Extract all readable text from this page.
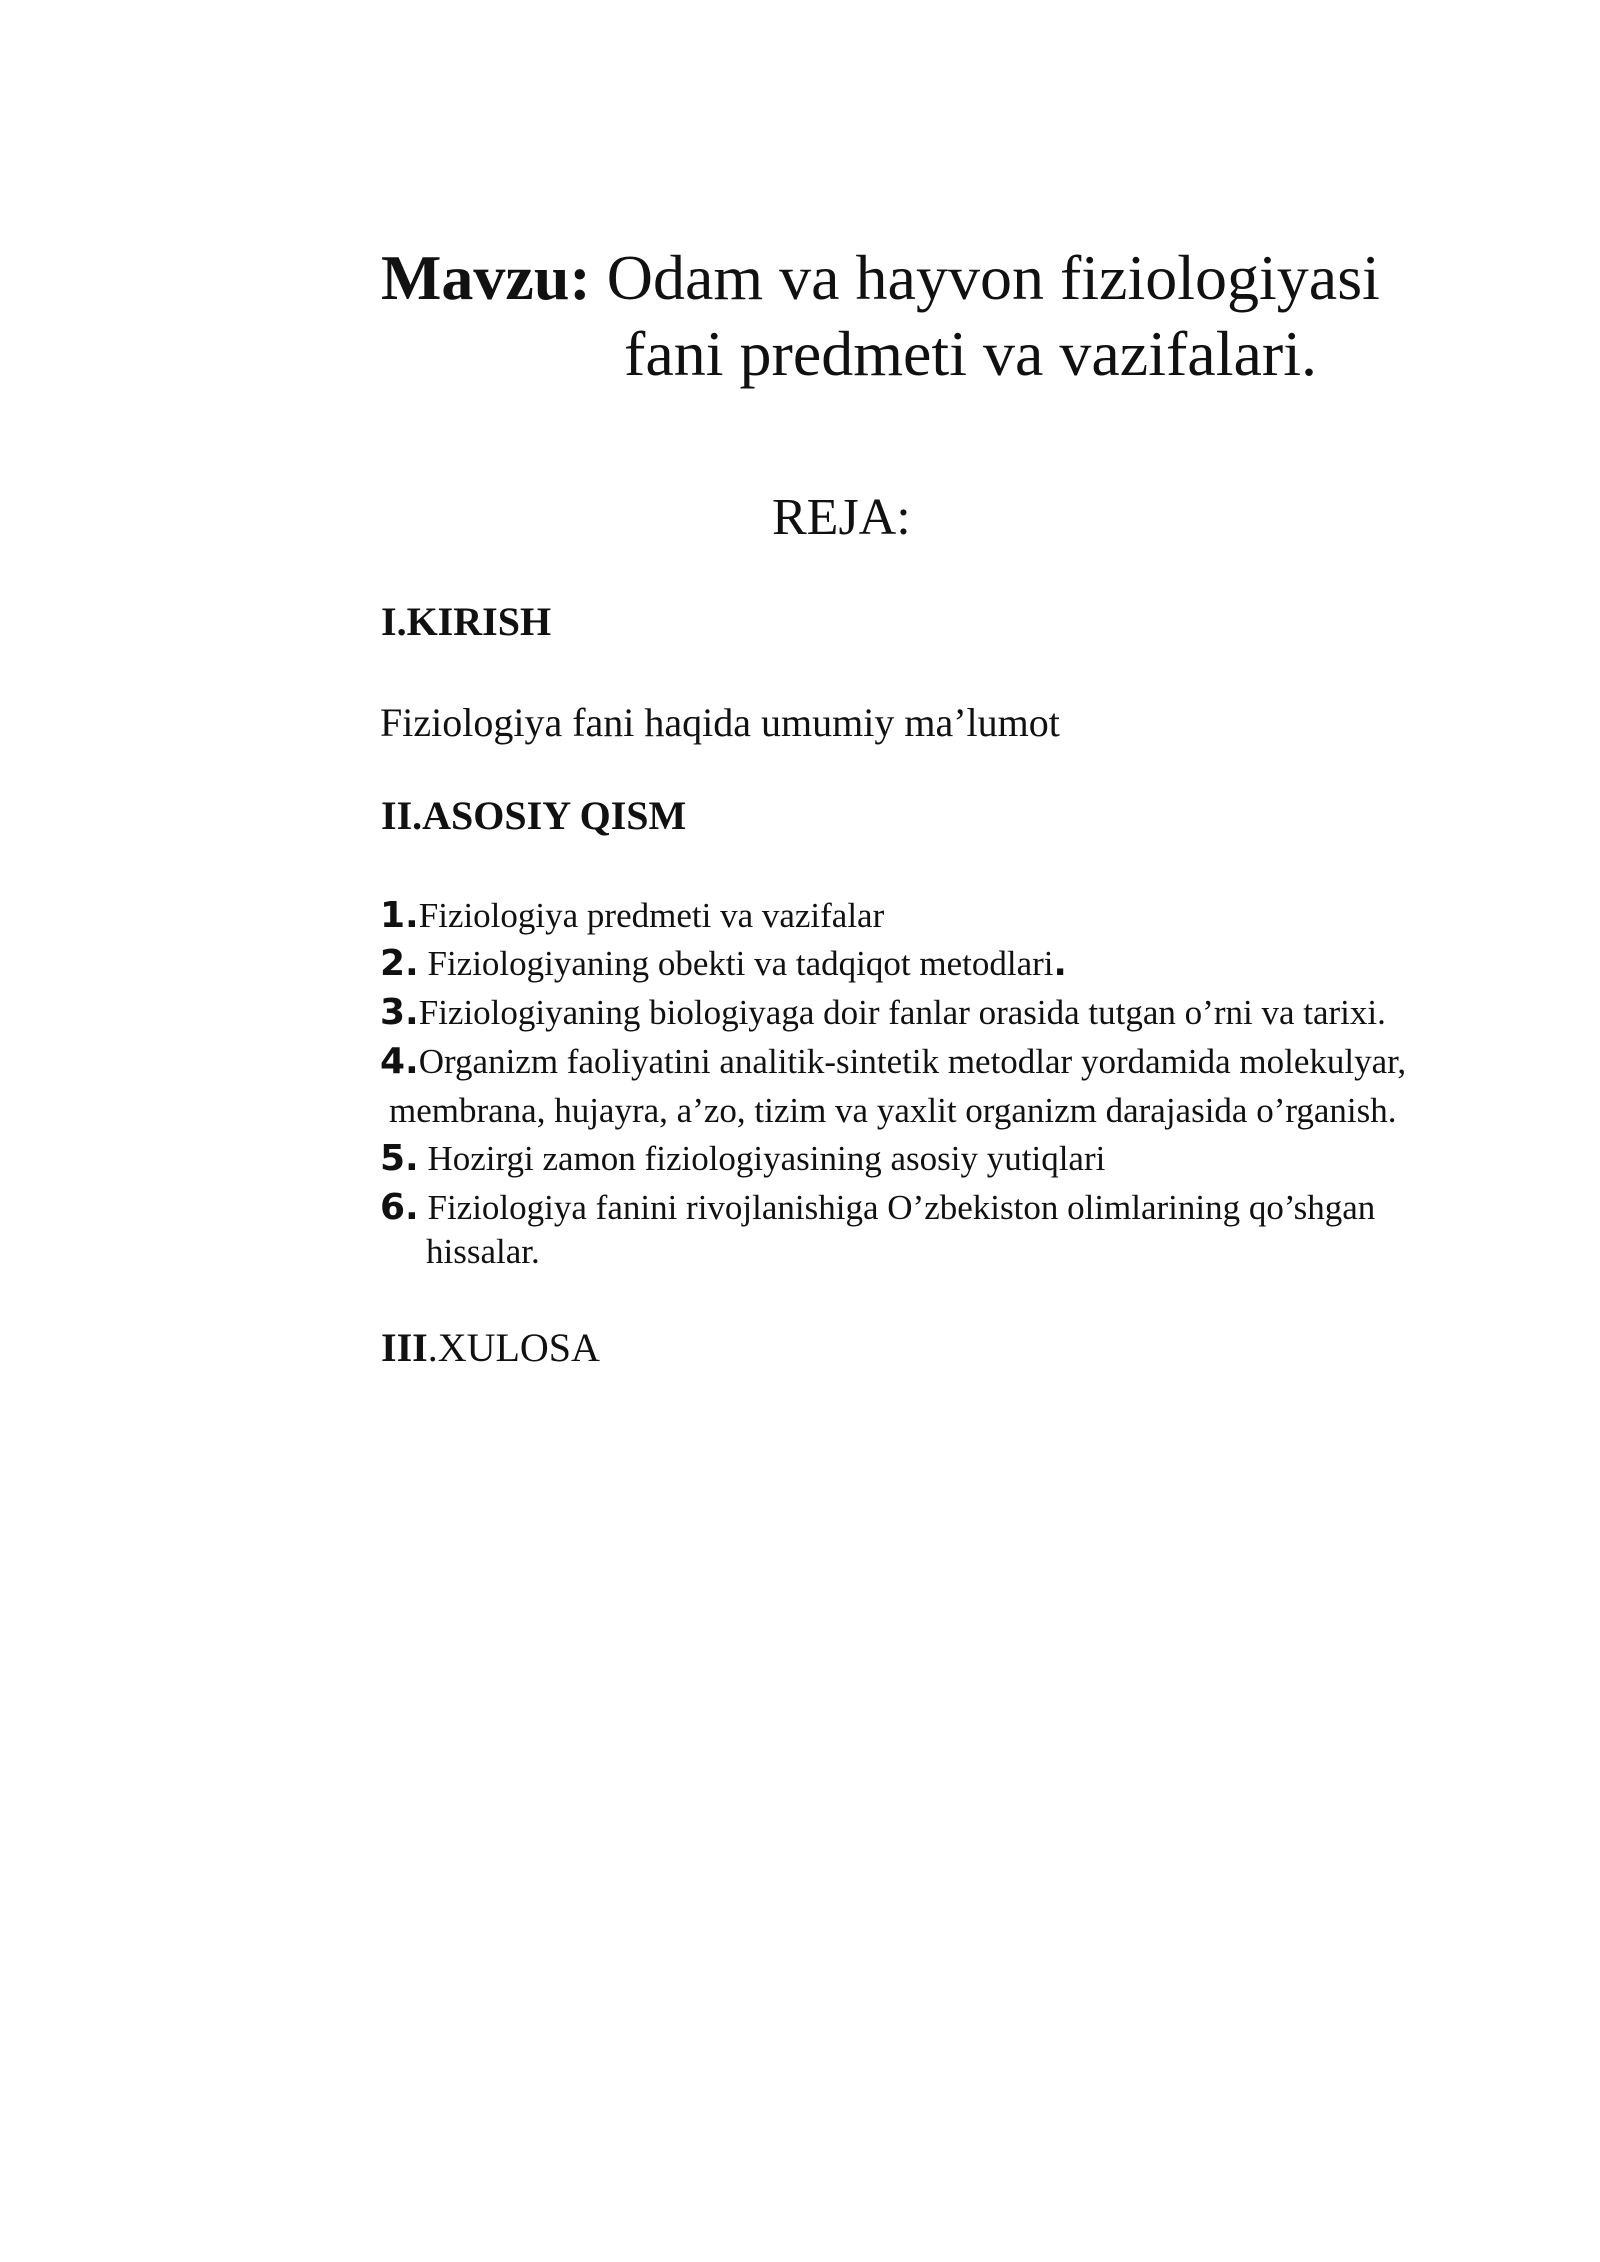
Mavzu: Odam va hayvon fiziologiyasi
fani predmeti va vazifalari.
REJA:
I.KIRISH
Fiziologiya fani haqida umumiy ma’lumot
II.ASOSIY QISM
1.Fiziologiya predmeti va vazifalar
2. Fiziologiyaning obekti va tadqiqot metodlari.
3.Fiziologiyaning biologiyaga doir fanlar orasida tutgan o’rni va tarixi.
4.Organizm faoliyatini analitik-sintetik metodlar yordamida molekulyar,
membrana, hujayra, a’zo, tizim va yaxlit organizm darajasida o’rganish.
5. Hozirgi zamon fiziologiyasining asosiy yutiqlari
6. Fiziologiya fanini rivojlanishiga O’zbekiston olimlarining qo’shgan
hissalar.
III.XULOSA
